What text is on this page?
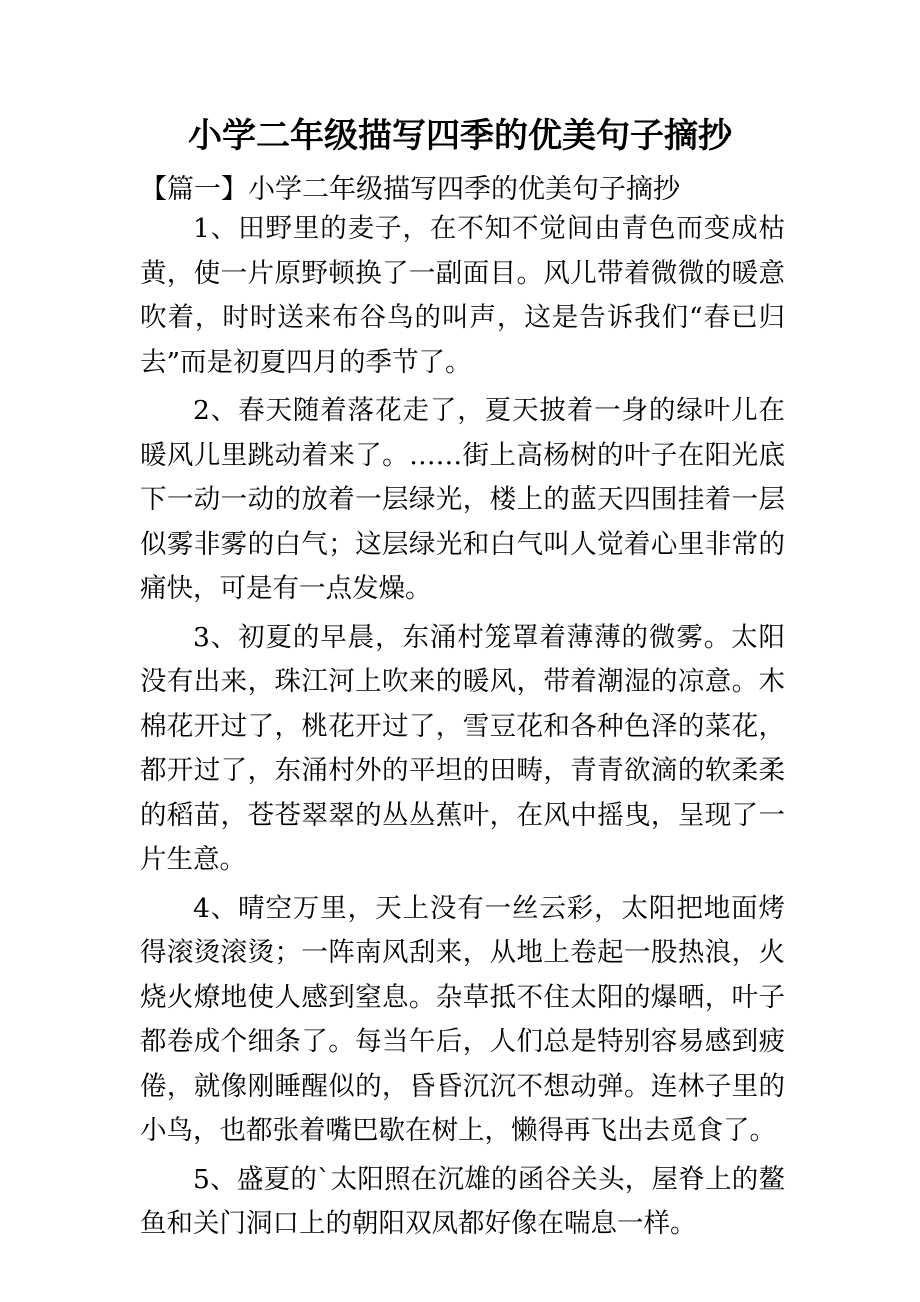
小学二年级描写四季的优美句子摘抄

【篇一】小学二年级描写四季的优美句子摘抄

1、田野里的麦子，在不知不觉间由青色而变成枯黄，使一片原野顿换了一副面目。风儿带着微微的暖意吹着，时时送来布谷鸟的叫声，这是告诉我们“春已归去”而是初夏四月的季节了。

2、春天随着落花走了，夏天披着一身的绿叶儿在暖风儿里跳动着来了。……街上高杨树的叶子在阳光底下一动一动的放着一层绿光，楼上的蓝天四围挂着一层似雾非雾的白气；这层绿光和白气叫人觉着心里非常的痛快，可是有一点发燥。

3、初夏的早晨，东涌村笼罩着薄薄的微雾。太阳没有出来，珠江河上吹来的暖风，带着潮湿的凉意。木棉花开过了，桃花开过了，雪豆花和各种色泽的菜花，都开过了，东涌村外的平坦的田畴，青青欲滴的软柔柔的稻苗，苍苍翠翠的丛丛蕉叶，在风中摇曳，呈现了一片生意。

4、晴空万里，天上没有一丝云彩，太阳把地面烤得滚烫滚烫；一阵南风刮来，从地上卷起一股热浪，火烧火燎地使人感到窒息。杂草抵不住太阳的爆晒，叶子都卷成个细条了。每当午后，人们总是特别容易感到疲倦，就像刚睡醒似的，昏昏沉沉不想动弹。连林子里的小鸟，也都张着嘴巴歇在树上，懒得再飞出去觅食了。

5、盛夏的`太阳照在沉雄的函谷关头，屋脊上的鳌鱼和关门洞口上的朝阳双凤都好像在喘息一样。
